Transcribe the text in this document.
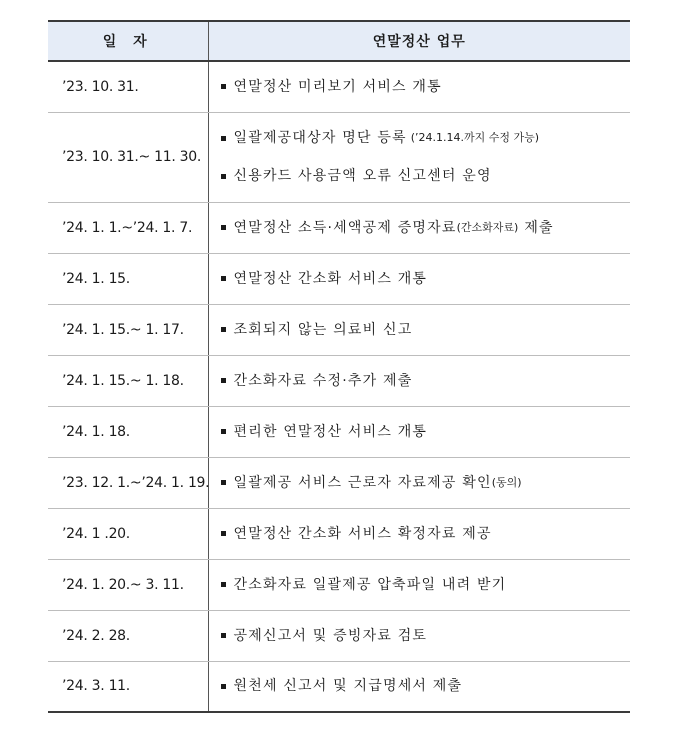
일 자	연말정산 업무
’23. 10. 31.	연말정산 미리보기 서비스 개통

’23. 10. 31.~ 11. 30.	일괄제공대상자 명단 등록 (’24.1.14.까지 수정 가능)
신용카드 사용금액 오류 신고센터 운영

’24. 1. 1.~’24. 1. 7.	연말정산 소득·세액공제 증명자료 (간소화자료) 제출

’24. 1. 15.	연말정산 간소화 서비스 개통

’24. 1. 15.~ 1. 17.	조회되지 않는 의료비 신고

’24. 1. 15.~ 1. 18.	간소화자료 수정·추가 제출

’24. 1. 18.	편리한 연말정산 서비스 개통

’23. 12. 1.~’24. 1. 19.	일괄제공 서비스 근로자 자료제공 확인 (동의)

’24. 1 .20.	연말정산 간소화 서비스 확정자료 제공

’24. 1. 20.~ 3. 11.	간소화자료 일괄제공 압축파일 내려 받기

’24. 2. 28.	공제신고서 및 증빙자료 검토

’24. 3. 11.	원천세 신고서 및 지급명세서 제출
